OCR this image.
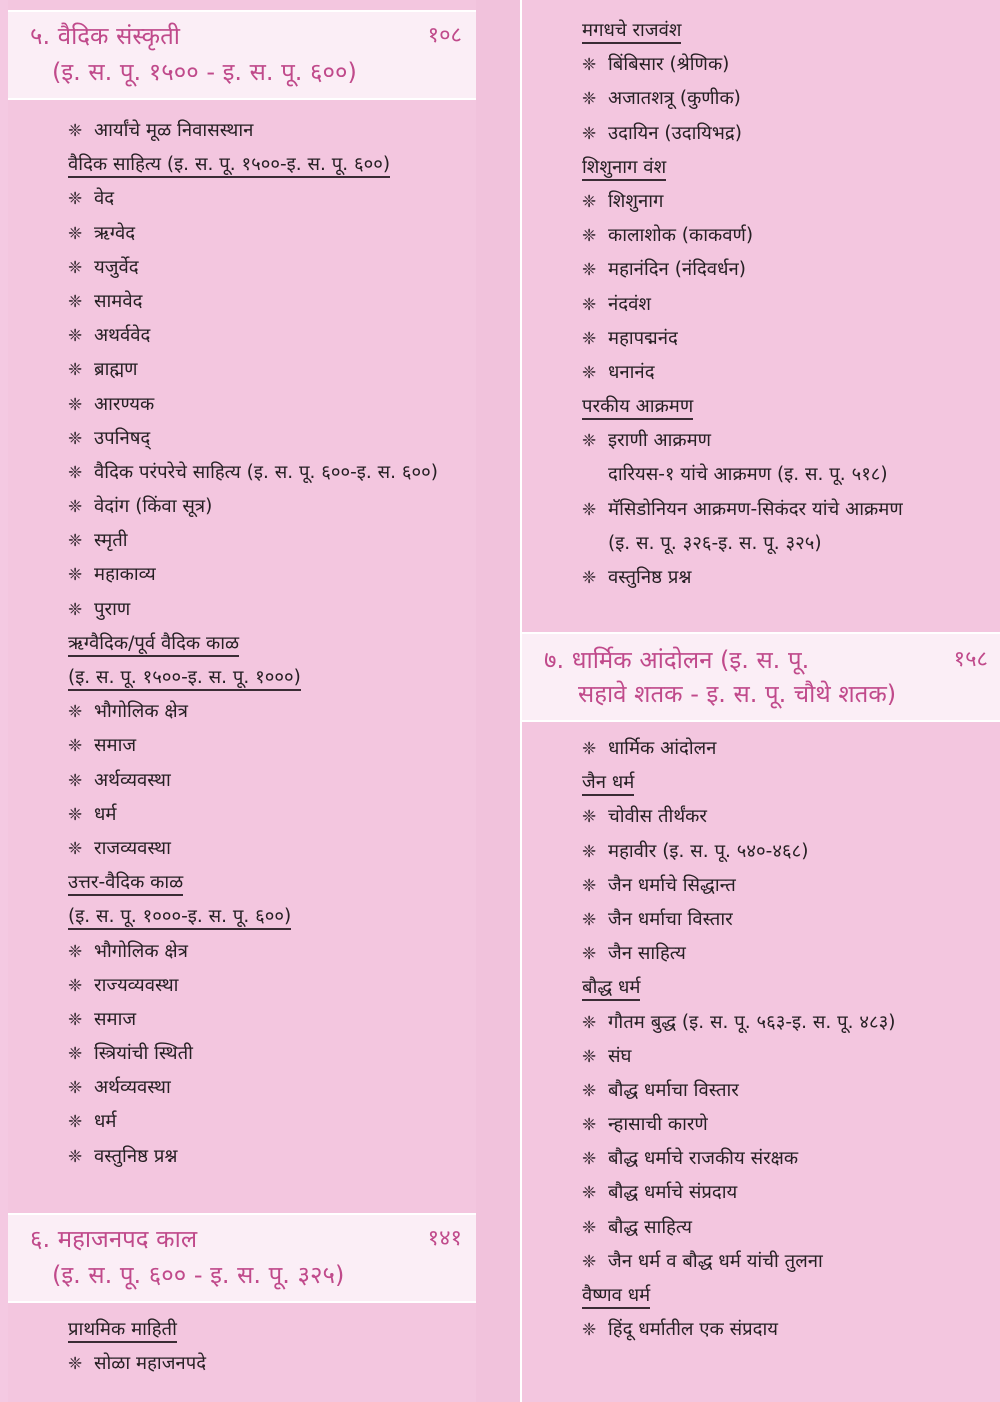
५. वैदिक संस्कृती
(इ. स. पू. १५०० - इ. स. पू. ६००)
१०८
❈ आर्यांचे मूळ निवासस्थान
वैदिक साहित्य (इ. स. पू. १५००-इ. स. पू. ६००)
❈ वेद
❈ ऋग्वेद
❈ यजुर्वेद
❈ सामवेद
❈ अथर्ववेद
❈ ब्राह्मण
❈ आरण्यक
❈ उपनिषद्
❈ वैदिक परंपरेचे साहित्य (इ. स. पू. ६००-इ. स. ६००)
❈ वेदांग (किंवा सूत्र)
❈ स्मृती
❈ महाकाव्य
❈ पुराण
ऋग्वैदिक/पूर्व वैदिक काळ
(इ. स. पू. १५००-इ. स. पू. १०००)
❈ भौगोलिक क्षेत्र
❈ समाज
❈ अर्थव्यवस्था
❈ धर्म
❈ राजव्यवस्था
उत्तर-वैदिक काळ
(इ. स. पू. १०००-इ. स. पू. ६००)
❈ भौगोलिक क्षेत्र
❈ राज्यव्यवस्था
❈ समाज
❈ स्त्रियांची स्थिती
❈ अर्थव्यवस्था
❈ धर्म
❈ वस्तुनिष्ठ प्रश्न
६. महाजनपद काल
(इ. स. पू. ६०० - इ. स. पू. ३२५)
१४१
प्राथमिक माहिती
❈ सोळा महाजनपदे
मगधचे राजवंश
❈ बिंबिसार (श्रेणिक)
❈ अजातशत्रू (कुणीक)
❈ उदायिन (उदायिभद्र)
शिशुनाग वंश
❈ शिशुनाग
❈ कालाशोक (काकवर्ण)
❈ महानंदिन (नंदिवर्धन)
❈ नंदवंश
❈ महापद्मनंद
❈ धनानंद
परकीय आक्रमण
❈ इराणी आक्रमण
दारियस-१ यांचे आक्रमण (इ. स. पू. ५१८)
❈ मॅसिडोनियन आक्रमण-सिकंदर यांचे आक्रमण
(इ. स. पू. ३२६-इ. स. पू. ३२५)
❈ वस्तुनिष्ठ प्रश्न
७. धार्मिक आंदोलन (इ. स. पू.
सहावे शतक - इ. स. पू. चौथे शतक)
१५८
❈ धार्मिक आंदोलन
जैन धर्म
❈ चोवीस तीर्थंकर
❈ महावीर (इ. स. पू. ५४०-४६८)
❈ जैन धर्माचे सिद्धान्त
❈ जैन धर्माचा विस्तार
❈ जैन साहित्य
बौद्ध धर्म
❈ गौतम बुद्ध (इ. स. पू. ५६३-इ. स. पू. ४८३)
❈ संघ
❈ बौद्ध धर्माचा विस्तार
❈ न्हासाची कारणे
❈ बौद्ध धर्माचे राजकीय संरक्षक
❈ बौद्ध धर्माचे संप्रदाय
❈ बौद्ध साहित्य
❈ जैन धर्म व बौद्ध धर्म यांची तुलना
वैष्णव धर्म
❈ हिंदू धर्मातील एक संप्रदाय
